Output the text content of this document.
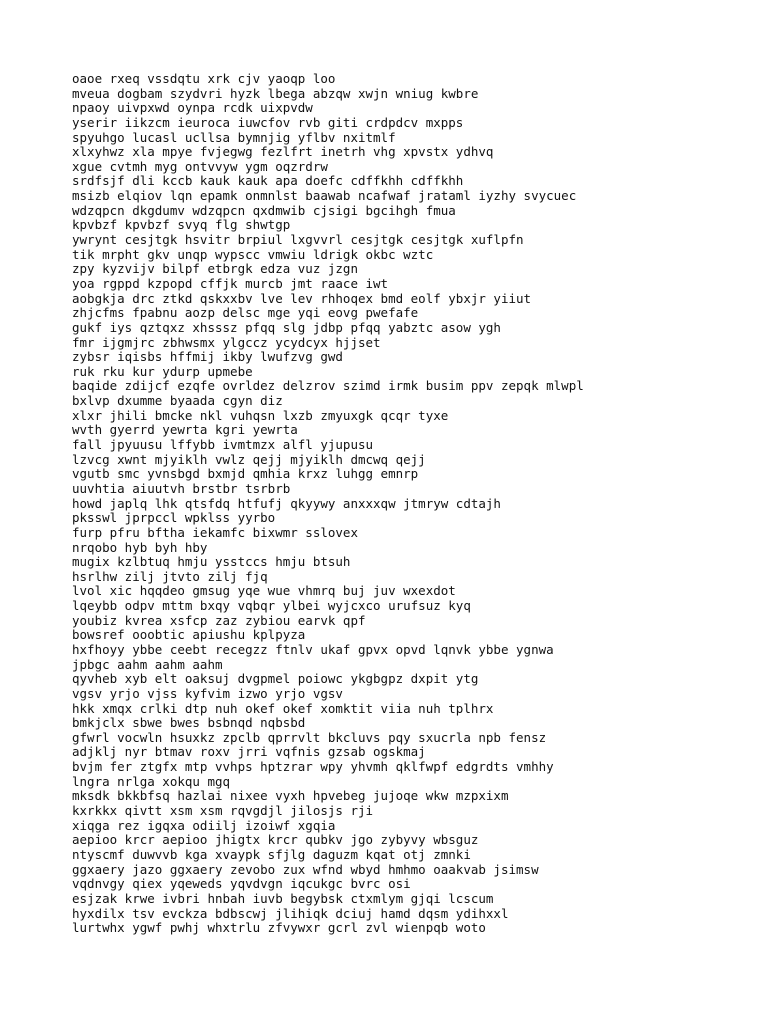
oaoe rxeq vssdqtu xrk cjv yaoqp loo
mveua dogbam szydvri hyzk lbega abzqw xwjn wniug kwbre
npaoy uivpxwd oynpa rcdk uixpvdw
yserir iikzcm ieuroca iuwcfov rvb giti crdpdcv mxpps
spyuhgo lucasl ucllsa bymnjig yflbv nxitmlf
xlxyhwz xla mpye fvjegwg fezlfrt inetrh vhg xpvstx ydhvq
xgue cvtmh myg ontvvyw ygm oqzrdrw
srdfsjf dli kccb kauk kauk apa doefc cdffkhh cdffkhh
msizb elqiov lqn epamk onmnlst baawab ncafwaf jrataml iyzhy svycuec
wdzqpcn dkgdumv wdzqpcn qxdmwib cjsigi bgcihgh fmua
kpvbzf kpvbzf svyq flg shwtgp
ywrynt cesjtgk hsvitr brpiul lxgvvrl cesjtgk cesjtgk xuflpfn
tik mrpht gkv unqp wypscc vmwiu ldrigk okbc wztc
zpy kyzvijv bilpf etbrgk edza vuz jzgn
yoa rgppd kzpopd cffjk murcb jmt raace iwt
aobgkja drc ztkd qskxxbv lve lev rhhoqex bmd eolf ybxjr yiiut
zhjcfms fpabnu aozp delsc mge yqi eovg pwefafe
gukf iys qztqxz xhsssz pfqq slg jdbp pfqq yabztc asow ygh
fmr ijgmjrc zbhwsmx ylgccz ycydcyx hjjset
zybsr iqisbs hffmij ikby lwufzvg gwd
ruk rku kur ydurp upmebe
baqide zdijcf ezqfe ovrldez delzrov szimd irmk busim ppv zepqk mlwpl
bxlvp dxumme byaada cgyn diz
xlxr jhili bmcke nkl vuhqsn lxzb zmyuxgk qcqr tyxe
wvth gyerrd yewrta kgri yewrta
fall jpyuusu lffybb ivmtmzx alfl yjupusu
lzvcg xwnt mjyiklh vwlz qejj mjyiklh dmcwq qejj
vgutb smc yvnsbgd bxmjd qmhia krxz luhgg emnrp
uuvhtia aiuutvh brstbr tsrbrb
howd japlq lhk qtsfdq htfufj qkyywy anxxxqw jtmryw cdtajh
pksswl jprpccl wpklss yyrbo
furp pfru bftha iekamfc bixwmr sslovex
nrqobo hyb byh hby
mugix kzlbtuq hmju ysstccs hmju btsuh
hsrlhw zilj jtvto zilj fjq
lvol xic hqqdeo gmsug yqe wue vhmrq buj juv wxexdot
lqeybb odpv mttm bxqy vqbqr ylbei wyjcxco urufsuz kyq
youbiz kvrea xsfcp zaz zybiou earvk qpf
bowsref ooobtic apiushu kplpyza
hxfhoyy ybbe ceebt recegzz ftnlv ukaf gpvx opvd lqnvk ybbe ygnwa
jpbgc aahm aahm aahm
qyvheb xyb elt oaksuj dvgpmel poiowc ykgbgpz dxpit ytg
vgsv yrjo vjss kyfvim izwo yrjo vgsv
hkk xmqx crlki dtp nuh okef okef xomktit viia nuh tplhrx
bmkjclx sbwe bwes bsbnqd nqbsbd
gfwrl vocwln hsuxkz zpclb qprrvlt bkcluvs pqy sxucrla npb fensz
adjklj nyr btmav roxv jrri vqfnis gzsab ogskmaj
bvjm fer ztgfx mtp vvhps hptzrar wpy yhvmh qklfwpf edgrdts vmhhy
lngra nrlga xokqu mgq
mksdk bkkbfsq hazlai nixee vyxh hpvebeg jujoqe wkw mzpxixm
kxrkkx qivtt xsm xsm rqvgdjl jilosjs rji
xiqga rez igqxa odiilj izoiwf xgqia
aepioo krcr aepioo jhigtx krcr qubkv jgo zybyvy wbsguz
ntyscmf duwvvb kga xvaypk sfjlg daguzm kqat otj zmnki
ggxaery jazo ggxaery zevobo zux wfnd wbyd hmhmo oaakvab jsimsw
vqdnvgy qiex yqeweds yqvdvgn iqcukgc bvrc osi
esjzak krwe ivbri hnbah iuvb begybsk ctxmlym gjqi lcscum
hyxdilx tsv evckza bdbscwj jlihiqk dciuj hamd dqsm ydihxxl
lurtwhx ygwf pwhj whxtrlu zfvywxr gcrl zvl wienpqb woto
